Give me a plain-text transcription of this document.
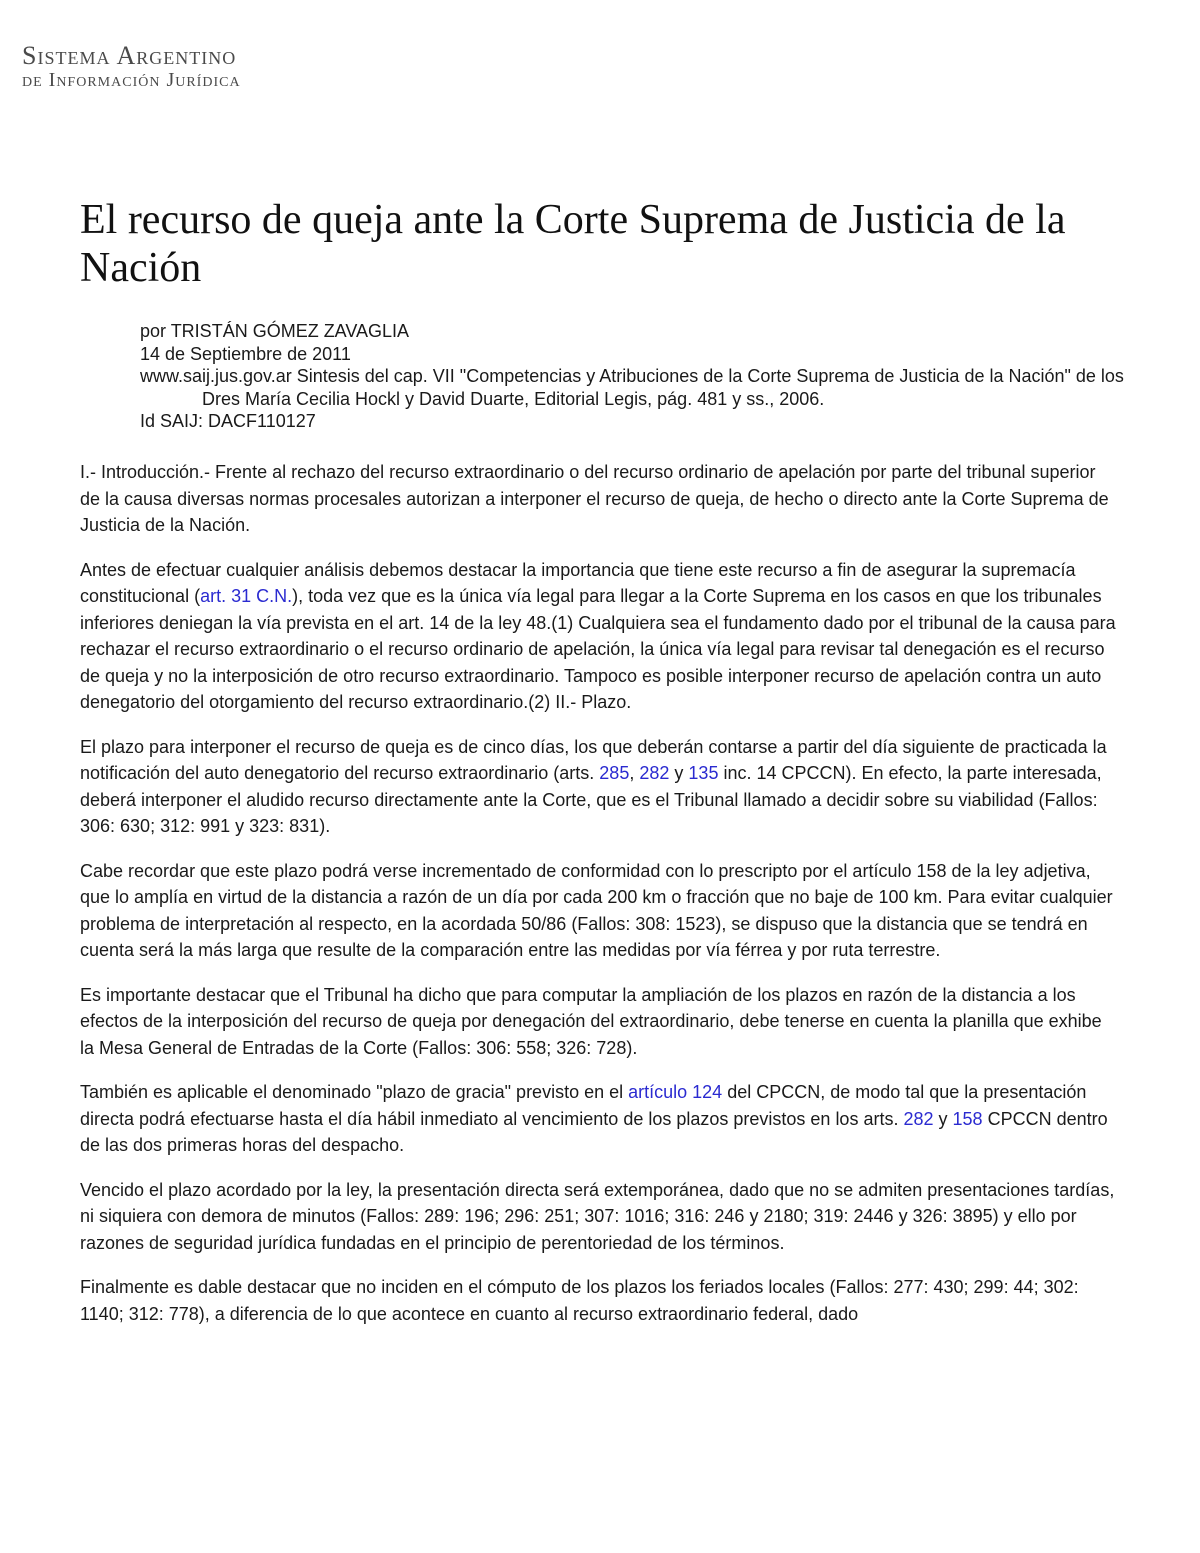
Sistema Argentino
de Información Jurídica
El recurso de queja ante la Corte Suprema de Justicia de la Nación
por TRISTÁN GÓMEZ ZAVAGLIA
14 de Septiembre de 2011
www.saij.jus.gov.ar Sintesis del cap. VII "Competencias y Atribuciones de la Corte Suprema de Justicia de la Nación" de los Dres María Cecilia Hockl y David Duarte, Editorial Legis, pág. 481 y ss., 2006.
Id SAIJ: DACF110127

I.- Introducción.- Frente al rechazo del recurso extraordinario o del recurso ordinario de apelación por parte del tribunal superior de la causa diversas normas procesales autorizan a interponer el recurso de queja, de hecho o directo ante la Corte Suprema de Justicia de la Nación.

Antes de efectuar cualquier análisis debemos destacar la importancia que tiene este recurso a fin de asegurar la supremacía constitucional (art. 31 C.N.), toda vez que es la única vía legal para llegar a la Corte Suprema en los casos en que los tribunales inferiores deniegan la vía prevista en el art. 14 de la ley 48.(1) Cualquiera sea el fundamento dado por el tribunal de la causa para rechazar el recurso extraordinario o el recurso ordinario de apelación, la única vía legal para revisar tal denegación es el recurso de queja y no la interposición de otro recurso extraordinario. Tampoco es posible interponer recurso de apelación contra un auto denegatorio del otorgamiento del recurso extraordinario.(2) II.- Plazo.

El plazo para interponer el recurso de queja es de cinco días, los que deberán contarse a partir del día siguiente de practicada la notificación del auto denegatorio del recurso extraordinario (arts. 285, 282 y 135 inc. 14 CPCCN). En efecto, la parte interesada, deberá interponer el aludido recurso directamente ante la Corte, que es el Tribunal llamado a decidir sobre su viabilidad (Fallos: 306: 630; 312: 991 y 323: 831).

Cabe recordar que este plazo podrá verse incrementado de conformidad con lo prescripto por el artículo 158 de la ley adjetiva, que lo amplía en virtud de la distancia a razón de un día por cada 200 km o fracción que no baje de 100 km. Para evitar cualquier problema de interpretación al respecto, en la acordada 50/86 (Fallos: 308: 1523), se dispuso que la distancia que se tendrá en cuenta será la más larga que resulte de la comparación entre las medidas por vía férrea y por ruta terrestre.

Es importante destacar que el Tribunal ha dicho que para computar la ampliación de los plazos en razón de la distancia a los efectos de la interposición del recurso de queja por denegación del extraordinario, debe tenerse en cuenta la planilla que exhibe la Mesa General de Entradas de la Corte (Fallos: 306: 558; 326: 728).

También es aplicable el denominado "plazo de gracia" previsto en el artículo 124 del CPCCN, de modo tal que la presentación directa podrá efectuarse hasta el día hábil inmediato al vencimiento de los plazos previstos en los arts. 282 y 158 CPCCN dentro de las dos primeras horas del despacho.

Vencido el plazo acordado por la ley, la presentación directa será extemporánea, dado que no se admiten presentaciones tardías, ni siquiera con demora de minutos (Fallos: 289: 196; 296: 251; 307: 1016; 316: 246 y 2180; 319: 2446 y 326: 3895) y ello por razones de seguridad jurídica fundadas en el principio de perentoriedad de los términos.

Finalmente es dable destacar que no inciden en el cómputo de los plazos los feriados locales (Fallos: 277: 430; 299: 44; 302: 1140; 312: 778), a diferencia de lo que acontece en cuanto al recurso extraordinario federal, dado
